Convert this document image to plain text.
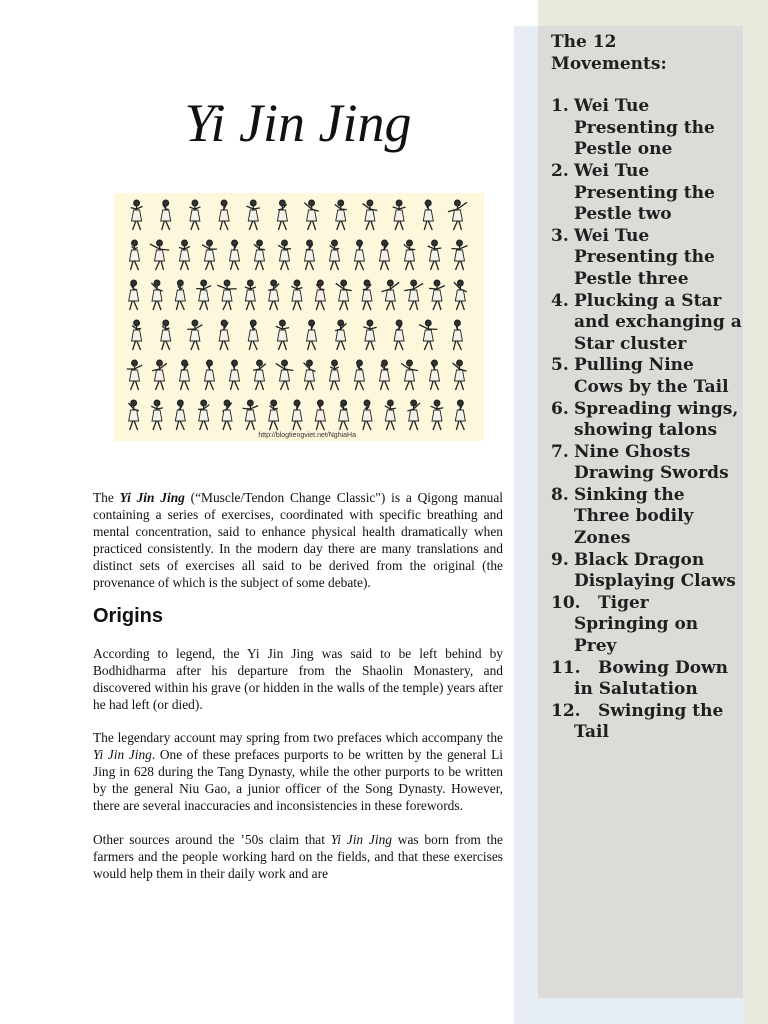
Yi Jin Jing
http://blogtiengviet.net/NghiaHa

The Yi Jin Jing (“Muscle/Tendon Change Classic") is a Qigong manual containing a series of exercises, coordinated with specific breathing and mental concentration, said to enhance physical health dramatically when practiced consistently. In the modern day there are many translations and distinct sets of exercises all said to be derived from the original (the provenance of which is the subject of some debate).

Origins

According to legend, the Yi Jin Jing was said to be left behind by Bodhidharma after his departure from the Shaolin Monastery, and discovered within his grave (or hidden in the walls of the temple) years after he had left (or died).

The legendary account may spring from two prefaces which accompany the Yi Jin Jing. One of these prefaces purports to be written by the general Li Jing in 628 during the Tang Dynasty, while the other purports to be written by the general Niu Gao, a junior officer of the Song Dynasty. However, there are several inaccuracies and inconsistencies in these forewords.

Other sources around the ’50s claim that Yi Jin Jing was born from the farmers and the people working hard on the fields, and that these exercises would help them in their daily work and are

The 12 Movements:
1. Wei Tue Presenting the Pestle one
2. Wei Tue Presenting the Pestle two
3. Wei Tue Presenting the Pestle three
4. Plucking a Star and exchanging a Star cluster
5. Pulling Nine Cows by the Tail
6. Spreading wings, showing talons
7. Nine Ghosts Drawing Swords
8. Sinking the Three bodily Zones
9. Black Dragon Displaying Claws
10. Tiger Springing on Prey
11. Bowing Down in Salutation
12. Swinging the Tail
